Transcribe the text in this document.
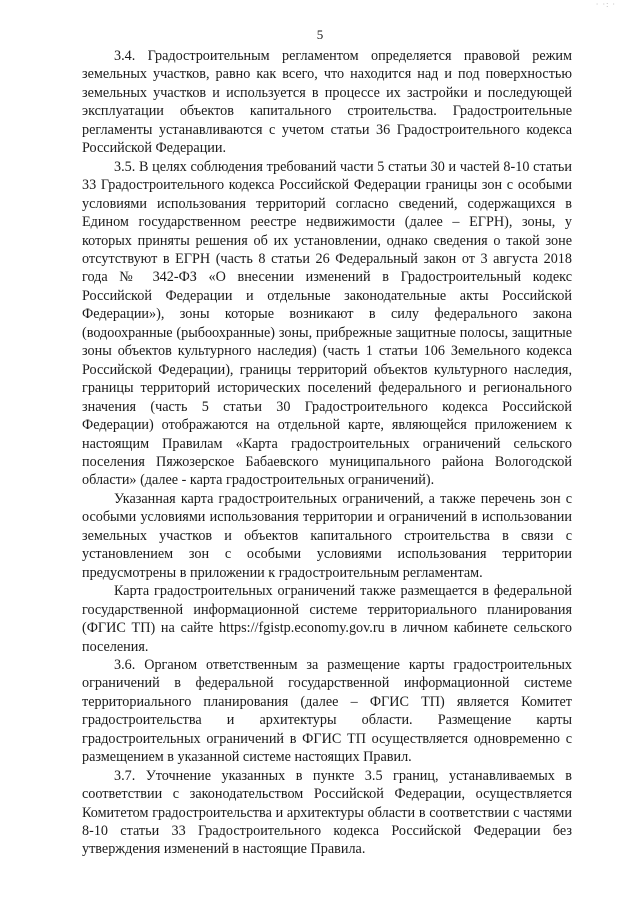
· ·: ·
5

3.4. Градостроительным регламентом определяется правовой режим земельных участков, равно как всего, что находится над и под поверхностью земельных участков и используется в процессе их застройки и последующей эксплуатации объектов капитального строительства. Градостроительные регламенты устанавливаются с учетом статьи 36 Градостроительного кодекса Российской Федерации.

3.5. В целях соблюдения требований части 5 статьи 30 и частей 8-10 статьи 33 Градостроительного кодекса Российской Федерации границы зон с особыми условиями использования территорий согласно сведений, содержащихся в Едином государственном реестре недвижимости (далее – ЕГРН), зоны, у которых приняты решения об их установлении, однако сведения о такой зоне отсутствуют в ЕГРН (часть 8 статьи 26 Федеральный закон от 3 августа 2018 года № 342-ФЗ «О внесении изменений в Градостроительный кодекс Российской Федерации и отдельные законодательные акты Российской Федерации»), зоны которые возникают в силу федерального закона (водоохранные (рыбоохранные) зоны, прибрежные защитные полосы, защитные зоны объектов культурного наследия) (часть 1 статьи 106 Земельного кодекса Российской Федерации), границы территорий объектов культурного наследия, границы территорий исторических поселений федерального и регионального значения (часть 5 статьи 30 Градостроительного кодекса Российской Федерации) отображаются на отдельной карте, являющейся приложением к настоящим Правилам «Карта градостроительных ограничений сельского поселения Пяжозерское Бабаевского муниципального района Вологодской области» (далее - карта градостроительных ограничений).

Указанная карта градостроительных ограничений, а также перечень зон с особыми условиями использования территории и ограничений в использовании земельных участков и объектов капитального строительства в связи с установлением зон с особыми условиями использования территории предусмотрены в приложении к градостроительным регламентам.

Карта градостроительных ограничений также размещается в федеральной государственной информационной системе территориального планирования (ФГИС ТП) на сайте https://fgistp.economy.gov.ru в личном кабинете сельского поселения.

3.6. Органом ответственным за размещение карты градостроительных ограничений в федеральной государственной информационной системе территориального планирования (далее – ФГИС ТП) является Комитет градостроительства и архитектуры области. Размещение карты градостроительных ограничений в ФГИС ТП осуществляется одновременно с размещением в указанной системе настоящих Правил.

3.7. Уточнение указанных в пункте 3.5 границ, устанавливаемых в соответствии с законодательством Российской Федерации, осуществляется Комитетом градостроительства и архитектуры области в соответствии с частями 8-10 статьи 33 Градостроительного кодекса Российской Федерации без утверждения изменений в настоящие Правила.
